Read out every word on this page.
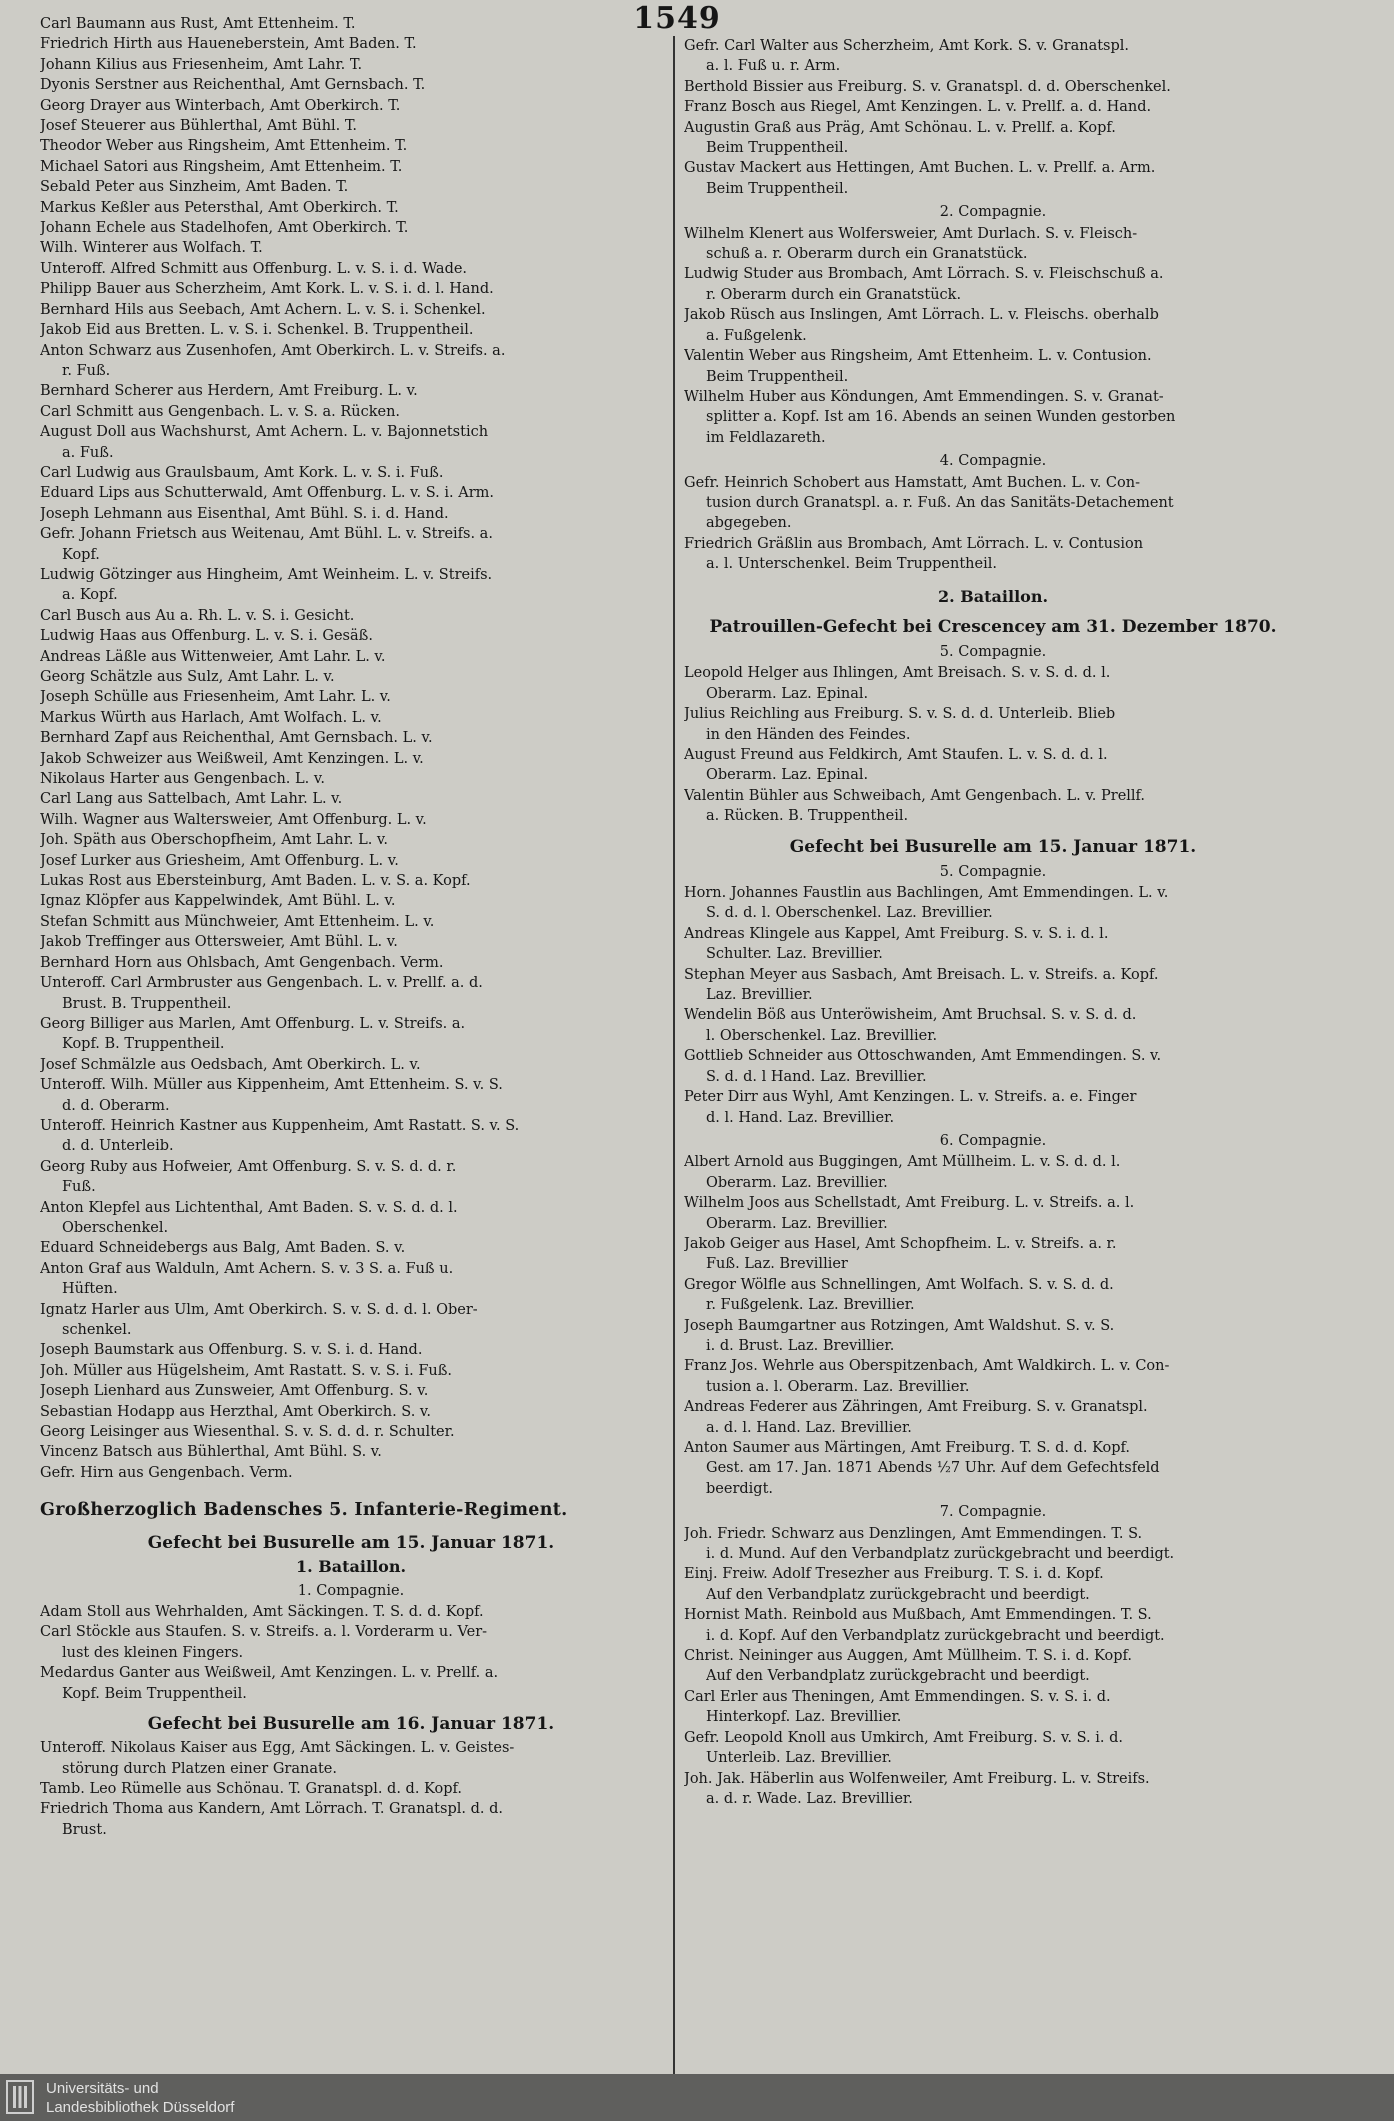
1549
Carl Baumann aus Rust, Amt Ettenheim. T.
Friedrich Hirth aus Haueneberstein, Amt Baden. T.
Johann Kilius aus Friesenheim, Amt Lahr. T.
Dyonis Serstner aus Reichenthal, Amt Gernsbach. T.
Georg Drayer aus Winterbach, Amt Oberkirch. T.
Josef Steuerer aus Bühlerthal, Amt Bühl. T.
Theodor Weber aus Ringsheim, Amt Ettenheim. T.
Michael Satori aus Ringsheim, Amt Ettenheim. T.
Sebald Peter aus Sinzheim, Amt Baden. T.
Markus Keßler aus Petersthal, Amt Oberkirch. T.
Johann Echele aus Stadelhofen, Amt Oberkirch. T.
Wilh. Winterer aus Wolfach. T.
Unteroff. Alfred Schmitt aus Offenburg. L. v. S. i. d. Wade.
Philipp Bauer aus Scherzheim, Amt Kork. L. v. S. i. d. l. Hand.
Bernhard Hils aus Seebach, Amt Achern. L. v. S. i. Schenkel.
Jakob Eid aus Bretten. L. v. S. i. Schenkel. B. Truppentheil.
Anton Schwarz aus Zusenhofen, Amt Oberkirch. L. v. Streifs. a.
r. Fuß.
Bernhard Scherer aus Herdern, Amt Freiburg. L. v.
Carl Schmitt aus Gengenbach. L. v. S. a. Rücken.
August Doll aus Wachshurst, Amt Achern. L. v. Bajonnetstich
a. Fuß.
Carl Ludwig aus Graulsbaum, Amt Kork. L. v. S. i. Fuß.
Eduard Lips aus Schutterwald, Amt Offenburg. L. v. S. i. Arm.
Joseph Lehmann aus Eisenthal, Amt Bühl. S. i. d. Hand.
Gefr. Johann Frietsch aus Weitenau, Amt Bühl. L. v. Streifs. a.
Kopf.
Ludwig Götzinger aus Hingheim, Amt Weinheim. L. v. Streifs.
a. Kopf.
Carl Busch aus Au a. Rh. L. v. S. i. Gesicht.
Ludwig Haas aus Offenburg. L. v. S. i. Gesäß.
Andreas Läßle aus Wittenweier, Amt Lahr. L. v.
Georg Schätzle aus Sulz, Amt Lahr. L. v.
Joseph Schülle aus Friesenheim, Amt Lahr. L. v.
Markus Würth aus Harlach, Amt Wolfach. L. v.
Bernhard Zapf aus Reichenthal, Amt Gernsbach. L. v.
Jakob Schweizer aus Weißweil, Amt Kenzingen. L. v.
Nikolaus Harter aus Gengenbach. L. v.
Carl Lang aus Sattelbach, Amt Lahr. L. v.
Wilh. Wagner aus Waltersweier, Amt Offenburg. L. v.
Joh. Späth aus Oberschopfheim, Amt Lahr. L. v.
Josef Lurker aus Griesheim, Amt Offenburg. L. v.
Lukas Rost aus Ebersteinburg, Amt Baden. L. v. S. a. Kopf.
Ignaz Klöpfer aus Kappelwindek, Amt Bühl. L. v.
Stefan Schmitt aus Münchweier, Amt Ettenheim. L. v.
Jakob Treffinger aus Ottersweier, Amt Bühl. L. v.
Bernhard Horn aus Ohlsbach, Amt Gengenbach. Verm.
Unteroff. Carl Armbruster aus Gengenbach. L. v. Prellf. a. d.
Brust. B. Truppentheil.
Georg Billiger aus Marlen, Amt Offenburg. L. v. Streifs. a.
Kopf. B. Truppentheil.
Josef Schmälzle aus Oedsbach, Amt Oberkirch. L. v.
Unteroff. Wilh. Müller aus Kippenheim, Amt Ettenheim. S. v. S.
d. d. Oberarm.
Unteroff. Heinrich Kastner aus Kuppenheim, Amt Rastatt. S. v. S.
d. d. Unterleib.
Georg Ruby aus Hofweier, Amt Offenburg. S. v. S. d. d. r.
Fuß.
Anton Klepfel aus Lichtenthal, Amt Baden. S. v. S. d. d. l.
Oberschenkel.
Eduard Schneidebergs aus Balg, Amt Baden. S. v.
Anton Graf aus Walduln, Amt Achern. S. v. 3 S. a. Fuß u.
Hüften.
Ignatz Harler aus Ulm, Amt Oberkirch. S. v. S. d. d. l. Ober-
schenkel.
Joseph Baumstark aus Offenburg. S. v. S. i. d. Hand.
Joh. Müller aus Hügelsheim, Amt Rastatt. S. v. S. i. Fuß.
Joseph Lienhard aus Zunsweier, Amt Offenburg. S. v.
Sebastian Hodapp aus Herzthal, Amt Oberkirch. S. v.
Georg Leisinger aus Wiesenthal. S. v. S. d. d. r. Schulter.
Vincenz Batsch aus Bühlerthal, Amt Bühl. S. v.
Gefr. Hirn aus Gengenbach. Verm.
Großherzoglich Badensches 5. Infanterie-Regiment.
Gefecht bei Busurelle am 15. Januar 1871.
1. Bataillon.
1. Compagnie.
Adam Stoll aus Wehrhalden, Amt Säckingen. T. S. d. d. Kopf.
Carl Stöckle aus Staufen. S. v. Streifs. a. l. Vorderarm u. Ver-
lust des kleinen Fingers.
Medardus Ganter aus Weißweil, Amt Kenzingen. L. v. Prellf. a.
Kopf. Beim Truppentheil.
Gefecht bei Busurelle am 16. Januar 1871.
Unteroff. Nikolaus Kaiser aus Egg, Amt Säckingen. L. v. Geistes-
störung durch Platzen einer Granate.
Tamb. Leo Rümelle aus Schönau. T. Granatspl. d. d. Kopf.
Friedrich Thoma aus Kandern, Amt Lörrach. T. Granatspl. d. d.
Brust.
Gefr. Carl Walter aus Scherzheim, Amt Kork. S. v. Granatspl.
a. l. Fuß u. r. Arm.
Berthold Bissier aus Freiburg. S. v. Granatspl. d. d. Oberschenkel.
Franz Bosch aus Riegel, Amt Kenzingen. L. v. Prellf. a. d. Hand.
Augustin Graß aus Präg, Amt Schönau. L. v. Prellf. a. Kopf.
Beim Truppentheil.
Gustav Mackert aus Hettingen, Amt Buchen. L. v. Prellf. a. Arm.
Beim Truppentheil.
2. Compagnie.
Wilhelm Klenert aus Wolfersweier, Amt Durlach. S. v. Fleisch-
schuß a. r. Oberarm durch ein Granatstück.
Ludwig Studer aus Brombach, Amt Lörrach. S. v. Fleischschuß a.
r. Oberarm durch ein Granatstück.
Jakob Rüsch aus Inslingen, Amt Lörrach. L. v. Fleischs. oberhalb
a. Fußgelenk.
Valentin Weber aus Ringsheim, Amt Ettenheim. L. v. Contusion.
Beim Truppentheil.
Wilhelm Huber aus Köndungen, Amt Emmendingen. S. v. Granat-
splitter a. Kopf. Ist am 16. Abends an seinen Wunden gestorben
im Feldlazareth.
4. Compagnie.
Gefr. Heinrich Schobert aus Hamstatt, Amt Buchen. L. v. Con-
tusion durch Granatspl. a. r. Fuß. An das Sanitäts-Detachement
abgegeben.
Friedrich Gräßlin aus Brombach, Amt Lörrach. L. v. Contusion
a. l. Unterschenkel. Beim Truppentheil.
2. Bataillon.
Patrouillen-Gefecht bei Crescencey am 31. Dezember 1870.
5. Compagnie.
Leopold Helger aus Ihlingen, Amt Breisach. S. v. S. d. d. l.
Oberarm. Laz. Epinal.
Julius Reichling aus Freiburg. S. v. S. d. d. Unterleib. Blieb
in den Händen des Feindes.
August Freund aus Feldkirch, Amt Staufen. L. v. S. d. d. l.
Oberarm. Laz. Epinal.
Valentin Bühler aus Schweibach, Amt Gengenbach. L. v. Prellf.
a. Rücken. B. Truppentheil.
Gefecht bei Busurelle am 15. Januar 1871.
5. Compagnie.
Horn. Johannes Faustlin aus Bachlingen, Amt Emmendingen. L. v.
S. d. d. l. Oberschenkel. Laz. Brevillier.
Andreas Klingele aus Kappel, Amt Freiburg. S. v. S. i. d. l.
Schulter. Laz. Brevillier.
Stephan Meyer aus Sasbach, Amt Breisach. L. v. Streifs. a. Kopf.
Laz. Brevillier.
Wendelin Böß aus Unteröwisheim, Amt Bruchsal. S. v. S. d. d.
l. Oberschenkel. Laz. Brevillier.
Gottlieb Schneider aus Ottoschwanden, Amt Emmendingen. S. v.
S. d. d. l Hand. Laz. Brevillier.
Peter Dirr aus Wyhl, Amt Kenzingen. L. v. Streifs. a. e. Finger
d. l. Hand. Laz. Brevillier.
6. Compagnie.
Albert Arnold aus Buggingen, Amt Müllheim. L. v. S. d. d. l.
Oberarm. Laz. Brevillier.
Wilhelm Joos aus Schellstadt, Amt Freiburg. L. v. Streifs. a. l.
Oberarm. Laz. Brevillier.
Jakob Geiger aus Hasel, Amt Schopfheim. L. v. Streifs. a. r.
Fuß. Laz. Brevillier
Gregor Wölfle aus Schnellingen, Amt Wolfach. S. v. S. d. d.
r. Fußgelenk. Laz. Brevillier.
Joseph Baumgartner aus Rotzingen, Amt Waldshut. S. v. S.
i. d. Brust. Laz. Brevillier.
Franz Jos. Wehrle aus Oberspitzenbach, Amt Waldkirch. L. v. Con-
tusion a. l. Oberarm. Laz. Brevillier.
Andreas Federer aus Zähringen, Amt Freiburg. S. v. Granatspl.
a. d. l. Hand. Laz. Brevillier.
Anton Saumer aus Märtingen, Amt Freiburg. T. S. d. d. Kopf.
Gest. am 17. Jan. 1871 Abends ½7 Uhr. Auf dem Gefechtsfeld
beerdigt.
7. Compagnie.
Joh. Friedr. Schwarz aus Denzlingen, Amt Emmendingen. T. S.
i. d. Mund. Auf den Verbandplatz zurückgebracht und beerdigt.
Einj. Freiw. Adolf Tresezher aus Freiburg. T. S. i. d. Kopf.
Auf den Verbandplatz zurückgebracht und beerdigt.
Hornist Math. Reinbold aus Mußbach, Amt Emmendingen. T. S.
i. d. Kopf. Auf den Verbandplatz zurückgebracht und beerdigt.
Christ. Neininger aus Auggen, Amt Müllheim. T. S. i. d. Kopf.
Auf den Verbandplatz zurückgebracht und beerdigt.
Carl Erler aus Theningen, Amt Emmendingen. S. v. S. i. d.
Hinterkopf. Laz. Brevillier.
Gefr. Leopold Knoll aus Umkirch, Amt Freiburg. S. v. S. i. d.
Unterleib. Laz. Brevillier.
Joh. Jak. Häberlin aus Wolfenweiler, Amt Freiburg. L. v. Streifs.
a. d. r. Wade. Laz. Brevillier.
Universitäts- und
Landesbibliothek Düsseldorf
